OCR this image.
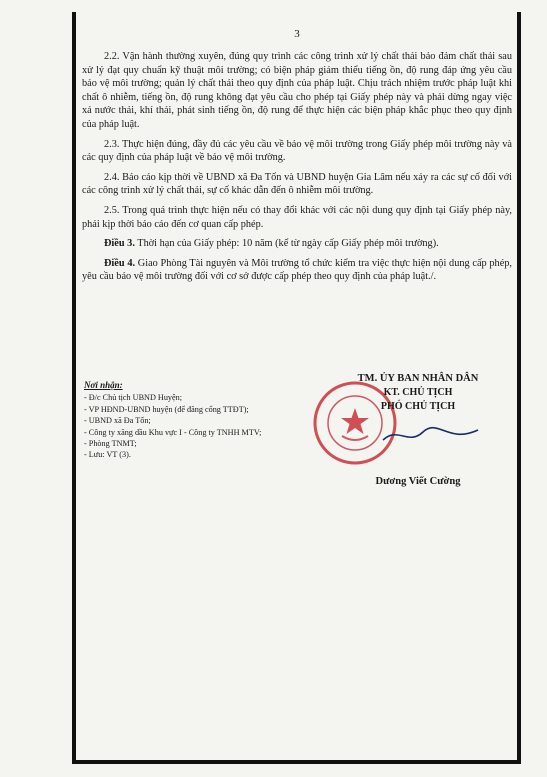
3

2.2. Vận hành thường xuyên, đúng quy trình các công trình xử lý chất thải bảo đảm chất thải sau xử lý đạt quy chuẩn kỹ thuật môi trường; có biện pháp giảm thiểu tiếng ồn, độ rung đáp ứng yêu cầu bảo vệ môi trường; quản lý chất thải theo quy định của pháp luật. Chịu trách nhiệm trước pháp luật khi chất ô nhiễm, tiếng ồn, độ rung không đạt yêu cầu cho phép tại Giấy phép này và phải dừng ngay việc xả nước thải, khí thải, phát sinh tiếng ồn, độ rung để thực hiện các biện pháp khắc phục theo quy định của pháp luật.

2.3. Thực hiện đúng, đầy đủ các yêu cầu về bảo vệ môi trường trong Giấy phép môi trường này và các quy định của pháp luật về bảo vệ môi trường.

2.4. Báo cáo kịp thời về UBND xã Đa Tốn và UBND huyện Gia Lâm nếu xảy ra các sự cố đối với các công trình xử lý chất thải, sự cố khác dẫn đến ô nhiễm môi trường.

2.5. Trong quá trình thực hiện nếu có thay đổi khác với các nội dung quy định tại Giấy phép này, phải kịp thời báo cáo đến cơ quan cấp phép.

Điều 3. Thời hạn của Giấy phép: 10 năm (kể từ ngày cấp Giấy phép môi trường).

Điều 4. Giao Phòng Tài nguyên và Môi trường tổ chức kiểm tra việc thực hiện nội dung cấp phép, yêu cầu bảo vệ môi trường đối với cơ sở được cấp phép theo quy định của pháp luật./.

Nơi nhận:
- Đ/c Chủ tịch UBND Huyện;
- VP HĐND-UBND huyện (để đăng cổng TTĐT);
- UBND xã Đa Tốn;
- Công ty xăng dầu Khu vực I - Công ty TNHH MTV;
- Phòng TNMT;
- Lưu: VT (3).
TM. ỦY BAN NHÂN DÂN
KT. CHỦ TỊCH
PHÓ CHỦ TỊCH
Dương Viết Cường
